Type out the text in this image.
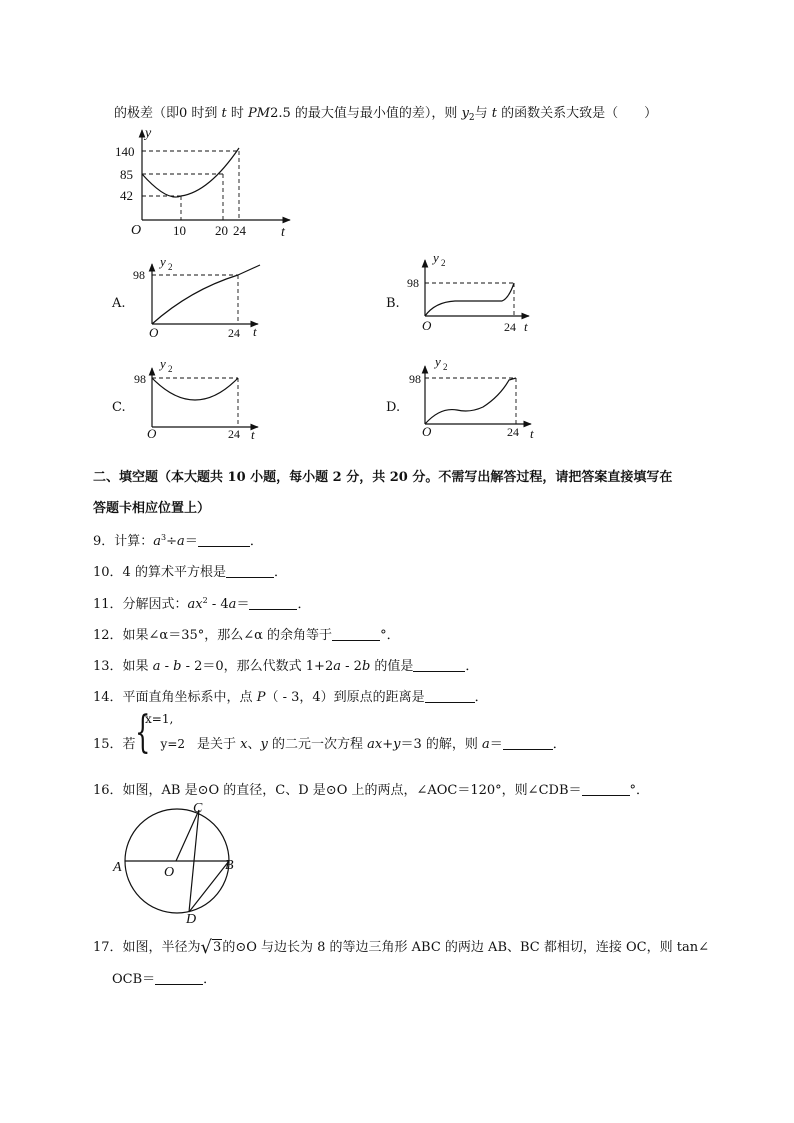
的极差（即0 时到 t 时 PM2.5 的最大值与最小值的差），则 $y_2$与 t 的函数关系大致是（　　）
y
t
O
140
85
42
10 20 24
A.
y 2
98
O	24 t
B.
y 2
98
O	24 t
C.
y 2
98
O	24 t
D.
y 2
98
O	24 t
二、填空题（本大题共 10 小题，每小题 2 分，共 20 分。不需写出解答过程，请把答案直接填写在
答题卡相应位置上）
9．计算：$a^3\div a=$	．
10．4 的算术平方根是	．
11．分解因式：$ax^2 - 4a=$	．
12．如果∠α＝35°，那么∠α 的余角等于	°．
13．如果 a - b - 2＝0，那么代数式 1+2a - 2b 的值是	．
14．平面直角坐标系中，点 P（ - 3，4）到原点的距离是	．
{
x=1,
15．若 y=2 是关于 x、y 的二元一次方程 ax+y＝3 的解，则 a＝	．
16．如图，AB 是⊙O 的直径，C、D 是⊙O 上的两点，∠AOC＝120°，则∠CDB＝	°．
A	B
C
D
O
17．如图，半径为√3的⊙O 与边长为 8 的等边三角形 ABC 的两边 AB、BC 都相切，连接 OC，则 tan∠
OCB＝	．
